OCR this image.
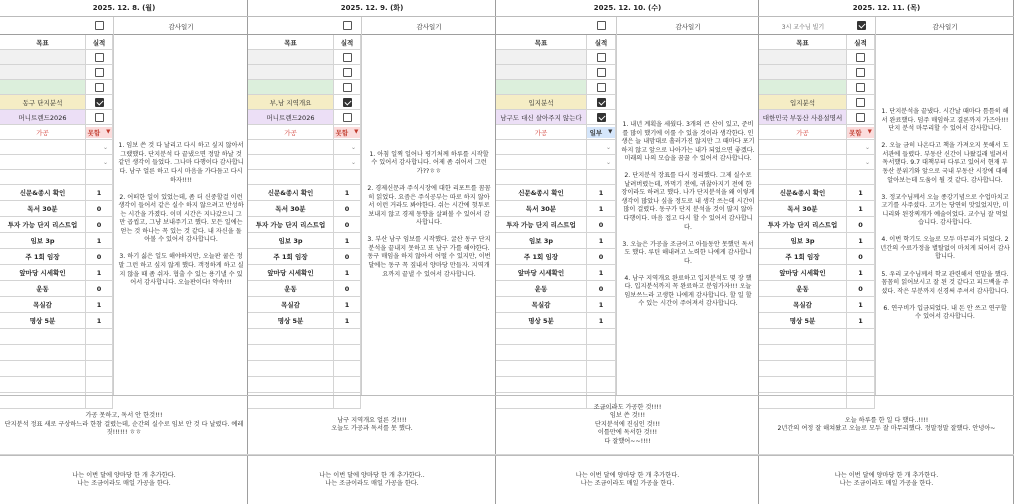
2025. 12. 8. (월)
감사일기
목표	실적
동구 단지분석
머니트렌드2026
가공	못함 ▼
⌄
⌄
신문&종시 확인	1
독서 30분	0
투자 가능 단지 리스트업	0
임보 3p	1
주 1회 임장	0
앞마당 시세확인	1
운동	0
목실감	1
명상 5분	1
1. 임보 쓴 것 다 날리고 다시 하고 싶지 않아서 그랬했다. 단지분석 다 끝냈으면 정말 하날 것 같던 생각이 들었다. 그나마 다행이다 감사합니다. 남구 얼른 하고 다시 마음을 가다듬고 다시 하자!!!!

2. 어떠한 일이 있었는데, 좀 더 신중할걸 이런 생각이 들어서 같은 실수 하지 않으려고 반성하는 시간을 가졌다. 이미 시간은 지나갔으니 그만 곱씹고, 그냥 보내주기고 했다. 모든 일에는 얻는 것 하나는 꼭 있는 것 같다. 내 자신을 돌아볼 수 있어서 감사합니다.

3. 하기 싫은 일도 해야하지만, 오늘판 쿨은 정말 그런 하고 싶지 않게 했다. 객정하게 하고 실지 않을 때 좀 쉬자. 협출 수 있는 용기낼 수 있어서 감사합니다. 오늘판이다! 약속!!!
가공 못하고, 독서 안 한것!!!
단지분석 정표 새로 구상하느라 한참 걸렸는데, 순간의 실수로 임보 안 것 다 날렸다. 예레짓!!!!!! ㅎㅎ
나는 이번 달에 양마당 한 개 추가한다.
나는 조금이라도 매일 가공을 한다.
2025. 12. 9. (화)
감사일기
목표	실적
부,남 지역개요
머니트렌드2026
가공	못함 ▼
⌄
⌄
신문&종시 확인	1
독서 30분	0
투자 가능 단지 리스트업	0
임보 3p	1
주 1회 임장	0
앞마당 시세확인	1
운동	0
목실감	1
명상 5분	1
1. 아침 일찍 일어나 평기처께 하루를 시작할 수 있어서 감사합니다. 어제 좀 쉬어서 그런가??ㅎㅎ

2. 경제신문과 주식시장에 대한 리포트를 꼼꼼히 읽었다. 요즘은 주식공부는 따로 하지 않아서 이런 거라도 봐야한다. 쉬는 시간에 헛투로 보내지 않고 경제 동향을 살펴볼 수 있어서 감사합니다.

3. 부산 남구 임보를 시작했다. 굴산 동구 단지분석을 끝내지 못하고 또 남구 가를 해야한다. 동구 매임을 하지 않아서 어떨 수 있지만, 이번 달에는 동구 꼭 짚내서 양마당 만들자. 지역개요까지 끝낼 수 있어서 감사합니다.
남구 지역개요 얼른 것!!!!
오늘도 가공과 독서를 못 했다.
나는 이번 달에 양마당 한 개 추가한다..
나는 조금이라도 매일 가공을 한다.
2025. 12. 10. (수)
감사일기
목표	실적
입지분석
남구도 대신 살아주지 않는다
가공	일부 ▼
⌄
⌄
신문&종시 확인	1
독서 30분	1
투자 가능 단지 리스트업	0
임보 3p	1
주 1회 임장	0
앞마당 시세확인	1
운동	0
목실감	1
명상 5분	1
1. 내년 계획을 세웠다. 3개의 큰 산이 있고, 준비를 많이 했기에 이룰 수 있을 것이라 생각한다. 인생은 늘 내맘대로 흘러가진 않지만 그 때마다 포기하지 않고 앞으로 나아가는 내가 되었으면 좋겠다. 미래의 나의 모습을 꿈꿀 수 있어서 감사합니다.

2. 단지분석 장표를 다시 정리했다. 그제 실수로 날려버렸는데, 까먹기 전에, 귀찮아지기 전에 한 장이라도 하려고 했다. 나가 단지분석을 왜 이렇게 생각이 많았나 싶을 정도로 내 생각 쓰는데 시간이 많이 걸렸다. 동구가 단지 분석을 것이 많지 않아 다행이다. 마음 접고 다시 할 수 있어서 감사합니다.

3. 오늘은 가공을 조금이고 아들동안 못했던 독서도 했다. 루틴 해내려고 노력한 나에게 감사합니다.

4. 남구 지역개요 완료하고 입지분석도 몇 장 했다. 입지분석까지 꼭 완료하고 분임가자!!! 오늘 임보쓰느라 고생한 나에게 감사합니다. 할 일 할 수 있는 시간이 주어져서 감사합니다.
조금이라도 가공한 것!!!!
임보 쓴 것!!!
단지분석에 진심인 것!!!
이틀만에 독서한 것!!!
다 잘했어~~!!!!
나는 이번 달에 양마당 한 개 추가한다.
나는 조금이라도 매일 가공을 한다.
2025. 12. 11. (목)
3시 교수님 빌기	감사일기
목표	실적
입지분석
대한민국 부동산 사용설명서
가공	못함 ▼
⌄
⌄
신문&종시 확인	1
독서 30분	1
투자 가능 단지 리스트업	0
임보 3p	1
주 1회 임장	0
앞마당 시세확인	1
운동	0
목실감	1
명상 5분	1
1. 단지분석을 끝냈다. 시간날 때마다 틈틈히 해서 완료했다. 덤주 매임하고 결론까지 가즈아!!! 단지 분석 마무리할 수 있어서 감사합니다.

2. 오늘 금히 나온다고 책을 가져오지 못해서 도서관에 들렸다. 부동산 신간이 나왔길래 빌려서 독서했다. 9.7 대책부터 다루고 있어서 현재 부동산 분위기와 앞으로 국내 부동산 시장에 대해 알아보는데 도움이 될 것 같다. 감사합니다.

3. 정교수님께서 오늘 종강기념으로 수업마치고 고기를 사주셨다. 고기는 당연히 맛있었지만, 미니리와 된장찌개가 예술이었다. 교수님 잘 먹었습니다. 감사합니다.

4. 이번 학기도 오늘로 모두 마무리가 되었다. 2년간의 수료가정을 별탈없이 마치게 되어서 감사합니다.

5. 우리 교수님께서 학교 관련해서 연말을 했다. 꼼꼼히 읽어보시고 잘 된 것 같다고 피드백을 주셨다. 작은 부분까지 신경써 주셔서 감사합니다.

6. 연구비가 입금되었다. 내 돈 안 쓰고 연구할 수 있어서 감사합니다.
오늘 하루를 한 일 다 했다..!!!!
2년간의 여정 잘 해쳐왔고 오늘로 모두 잘 마무리했다. 정말정말 잘했다. 안녕아~
나는 이번 달에 양마당 한 개 추가한다.
나는 조금이라도 매일 가공을 한다.
